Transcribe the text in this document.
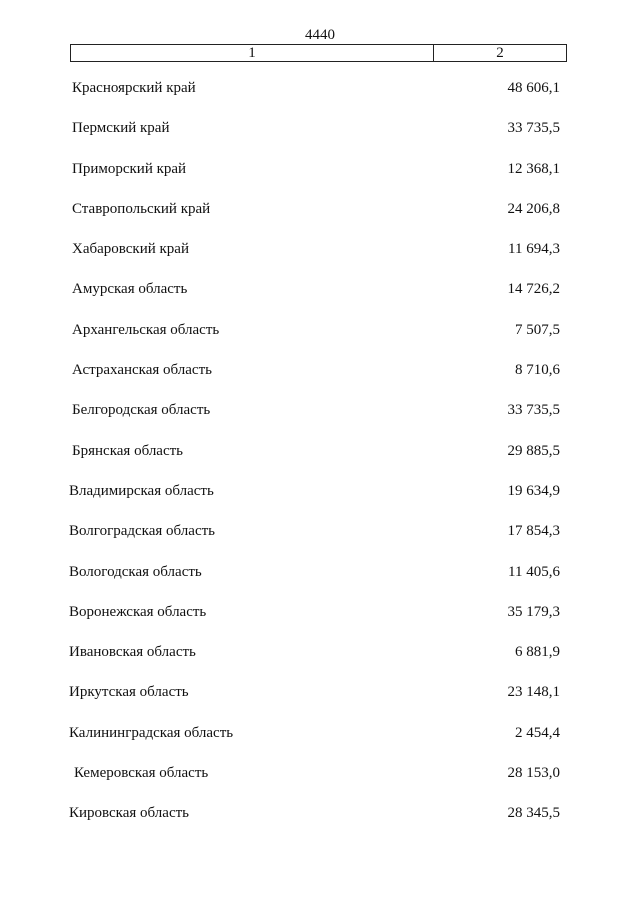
4440
1	2
Красноярский край	48 606,1
Пермский край	33 735,5
Приморский край	12 368,1
Ставропольский край	24 206,8
Хабаровский край	11 694,3
Амурская область	14 726,2
Архангельская область	7 507,5
Астраханская область	8 710,6
Белгородская область	33 735,5
Брянская область	29 885,5
Владимирская область	19 634,9
Волгоградская область	17 854,3
Вологодская область	11 405,6
Воронежская область	35 179,3
Ивановская область	6 881,9
Иркутская область	23 148,1
Калининградская область	2 454,4
Кемеровская область	28 153,0
Кировская область	28 345,5
